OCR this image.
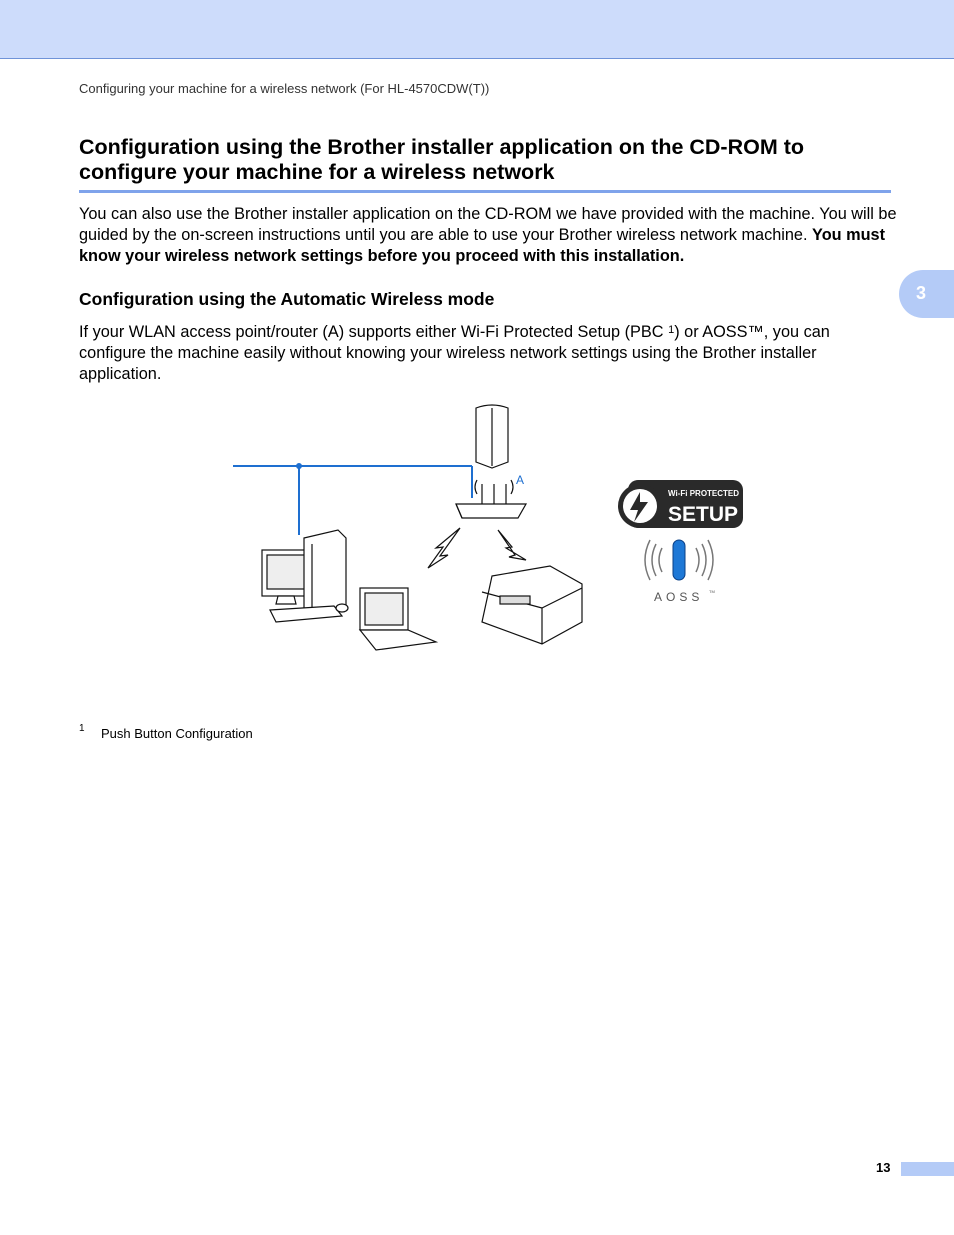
Configuring your machine for a wireless network (For HL-4570CDW(T))
3
Configuration using the Brother installer application on the CD-ROM to
configure your machine for a wireless network
You can also use the Brother installer application on the CD-ROM we have provided with the machine. You will be guided by the on-screen instructions until you are able to use your Brother wireless network machine. You must know your wireless network settings before you proceed with this installation.
Configuration using the Automatic Wireless mode
If your WLAN access point/router (A) supports either Wi-Fi Protected Setup (PBC $^1$) or AOSS™, you can configure the machine easily without knowing your wireless network settings using the Brother installer application.
A
Wi-Fi PROTECTED
SETUP
AOSS TM
1 Push Button Configuration
13
